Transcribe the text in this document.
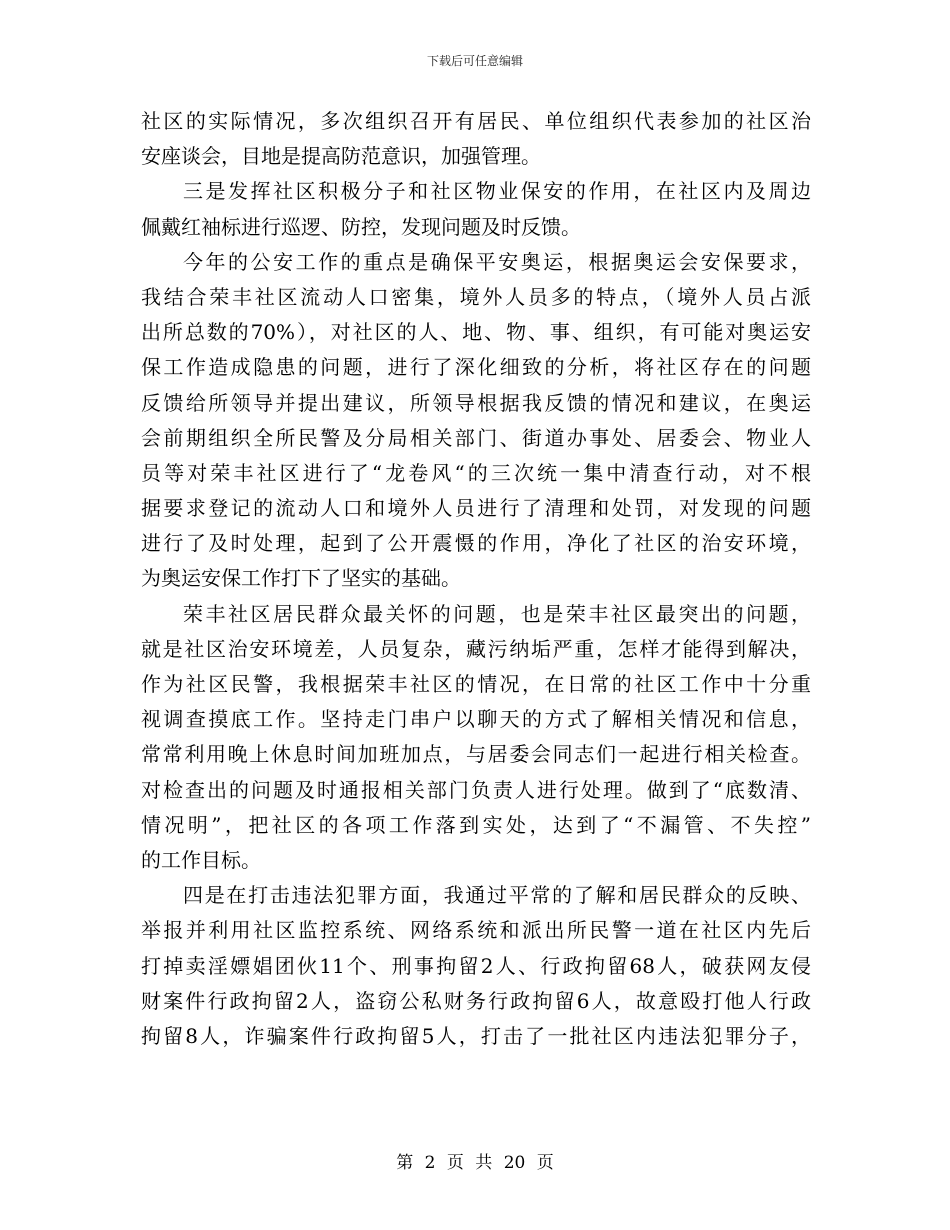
下载后可任意编辑
社区的实际情况，多次组织召开有居民、单位组织代表参加的社区治
安座谈会，目地是提高防范意识，加强管理。
三是发挥社区积极分子和社区物业保安的作用，在社区内及周边
佩戴红袖标进行巡逻、防控，发现问题及时反馈。
今年的公安工作的重点是确保平安奥运，根据奥运会安保要求，
我结合荣丰社区流动人口密集，境外人员多的特点，（境外人员占派
出所总数的70%），对社区的人、地、物、事、组织，有可能对奥运安
保工作造成隐患的问题，进行了深化细致的分析，将社区存在的问题
反馈给所领导并提出建议，所领导根据我反馈的情况和建议，在奥运
会前期组织全所民警及分局相关部门、街道办事处、居委会、物业人
员等对荣丰社区进行了“龙卷风“的三次统一集中清查行动，对不根
据要求登记的流动人口和境外人员进行了清理和处罚，对发现的问题
进行了及时处理，起到了公开震慑的作用，净化了社区的治安环境，
为奥运安保工作打下了坚实的基础。
荣丰社区居民群众最关怀的问题，也是荣丰社区最突出的问题，
就是社区治安环境差，人员复杂，藏污纳垢严重，怎样才能得到解决，
作为社区民警，我根据荣丰社区的情况，在日常的社区工作中十分重
视调查摸底工作。坚持走门串户以聊天的方式了解相关情况和信息，
常常利用晚上休息时间加班加点，与居委会同志们一起进行相关检查。
对检查出的问题及时通报相关部门负责人进行处理。做到了“底数清、
情况明”，把社区的各项工作落到实处，达到了“不漏管、不失控”
的工作目标。
四是在打击违法犯罪方面，我通过平常的了解和居民群众的反映、
举报并利用社区监控系统、网络系统和派出所民警一道在社区内先后
打掉卖淫嫖娼团伙11个、刑事拘留2人、行政拘留68人，破获网友侵
财案件行政拘留2人，盗窃公私财务行政拘留6人，故意殴打他人行政
拘留8人，诈骗案件行政拘留5人，打击了一批社区内违法犯罪分子，
第 2 页 共 20 页
